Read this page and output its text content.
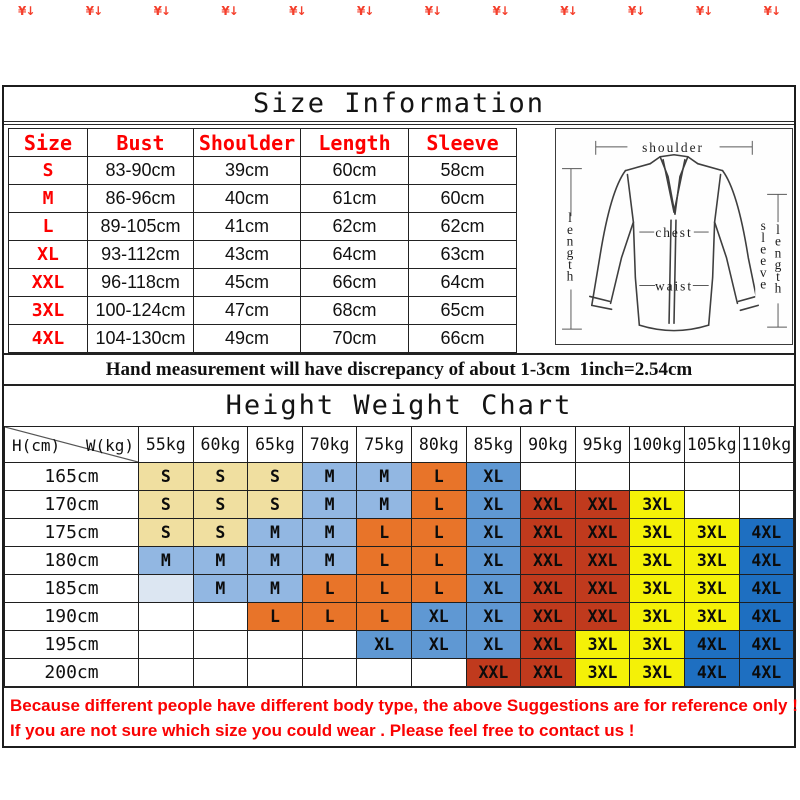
¥↓	¥↓	¥↓	¥↓	¥↓	¥↓	¥↓	¥↓	¥↓	¥↓	¥↓	¥↓
Size Information
Size	Bust	Shoulder	Length	Sleeve
S	83-90cm	39cm	60cm	58cm
M	86-96cm	40cm	61cm	60cm
L	89-105cm	41cm	62cm	62cm
XL	93-112cm	43cm	64cm	63cm
XXL	96-118cm	45cm	66cm	64cm
3XL	100-124cm	47cm	68cm	65cm
4XL	104-130cm	49cm	70cm	66cm
shoulder
chest
waist
l e n g t h
s l e e v e
l e n g t h
Hand measurement will have discrepancy of about 1-3cm  1inch=2.54cm
Height Weight Chart
H(cm) W(kg)	55kg	60kg	65kg	70kg	75kg	80kg	85kg	90kg	95kg	100kg	105kg	110kg
165cm	S	S	S	M	M	L	XL					
170cm	S	S	S	M	M	L	XL	XXL	XXL	3XL		
175cm	S	S	M	M	L	L	XL	XXL	XXL	3XL	3XL	4XL
180cm	M	M	M	M	L	L	XL	XXL	XXL	3XL	3XL	4XL
185cm		M	M	L	L	L	XL	XXL	XXL	3XL	3XL	4XL
190cm			L	L	L	XL	XL	XXL	XXL	3XL	3XL	4XL
195cm					XL	XL	XL	XXL	3XL	3XL	4XL	4XL
200cm							XXL	XXL	3XL	3XL	4XL	4XL
Because different people have different body type, the above Suggestions are for reference only !
If you are not sure which size you could wear . Please feel free to contact us !
